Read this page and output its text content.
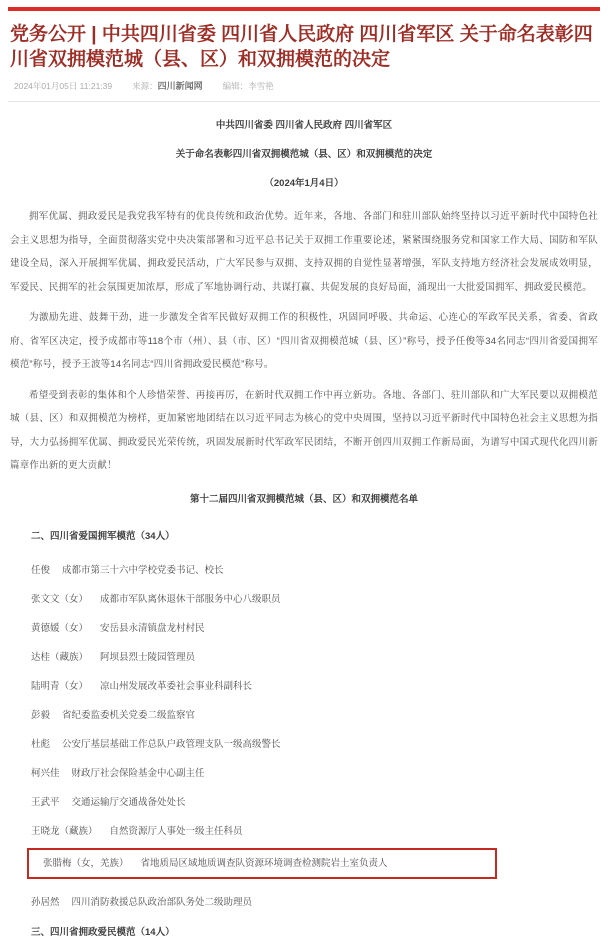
党务公开 | 中共四川省委 四川省人民政府 四川省军区 关于命名表彰四川省双拥模范城（县、区）和双拥模范的决定
2024年01月05日 11:21:39 来源：四川新闻网 编辑：李雪艳
中共四川省委 四川省人民政府 四川省军区
关于命名表彰四川省双拥模范城（县、区）和双拥模范的决定
（2024年1月4日）

拥军优属、拥政爱民是我党我军特有的优良传统和政治优势。近年来，各地、各部门和驻川部队始终坚持以习近平新时代中国特色社会主义思想为指导，全面贯彻落实党中央决策部署和习近平总书记关于双拥工作重要论述，紧紧围绕服务党和国家工作大局、国防和军队建设全局，深入开展拥军优属、拥政爱民活动，广大军民参与双拥、支持双拥的自觉性显著增强，军队支持地方经济社会发展成效明显，军爱民、民拥军的社会氛围更加浓厚，形成了军地协调行动、共谋打赢、共促发展的良好局面，涌现出一大批爱国拥军、拥政爱民模范。

为激励先进、鼓舞干劲，进一步激发全省军民做好双拥工作的积极性，巩固同呼吸、共命运、心连心的军政军民关系，省委、省政府、省军区决定，授予成都市等118个市（州）、县（市、区）“四川省双拥模范城（县、区）”称号，授予任俊等34名同志“四川省爱国拥军模范”称号，授予王波等14名同志“四川省拥政爱民模范”称号。

希望受到表彰的集体和个人珍惜荣誉、再接再厉，在新时代双拥工作中再立新功。各地、各部门、驻川部队和广大军民要以双拥模范城（县、区）和双拥模范为榜样，更加紧密地团结在以习近平同志为核心的党中央周围，坚持以习近平新时代中国特色社会主义思想为指导，大力弘扬拥军优属、拥政爱民光荣传统，巩固发展新时代军政军民团结，不断开创四川双拥工作新局面，为谱写中国式现代化四川新篇章作出新的更大贡献！

第十二届四川省双拥模范城（县、区）和双拥模范名单
二、四川省爱国拥军模范（34人）
任俊 成都市第三十六中学校党委书记、校长
张文文（女） 成都市军队离休退休干部服务中心八级职员
黄德媛（女） 安岳县永清镇盘龙村村民
达桂（藏族） 阿坝县烈士陵园管理员
陆明青（女） 凉山州发展改革委社会事业科副科长
彭毅 省纪委监委机关党委二级监察官
杜彪 公安厅基层基础工作总队户政管理支队一级高级警长
柯兴佳 财政厅社会保险基金中心副主任
王武平 交通运输厅交通战备处处长
王晓龙（藏族） 自然资源厅人事处一级主任科员
张腊梅（女，羌族） 省地质局区域地质调查队资源环境调查检测院岩土室负责人
孙居然 四川消防救援总队政治部队务处二级助理员
三、四川省拥政爱民模范（14人）
